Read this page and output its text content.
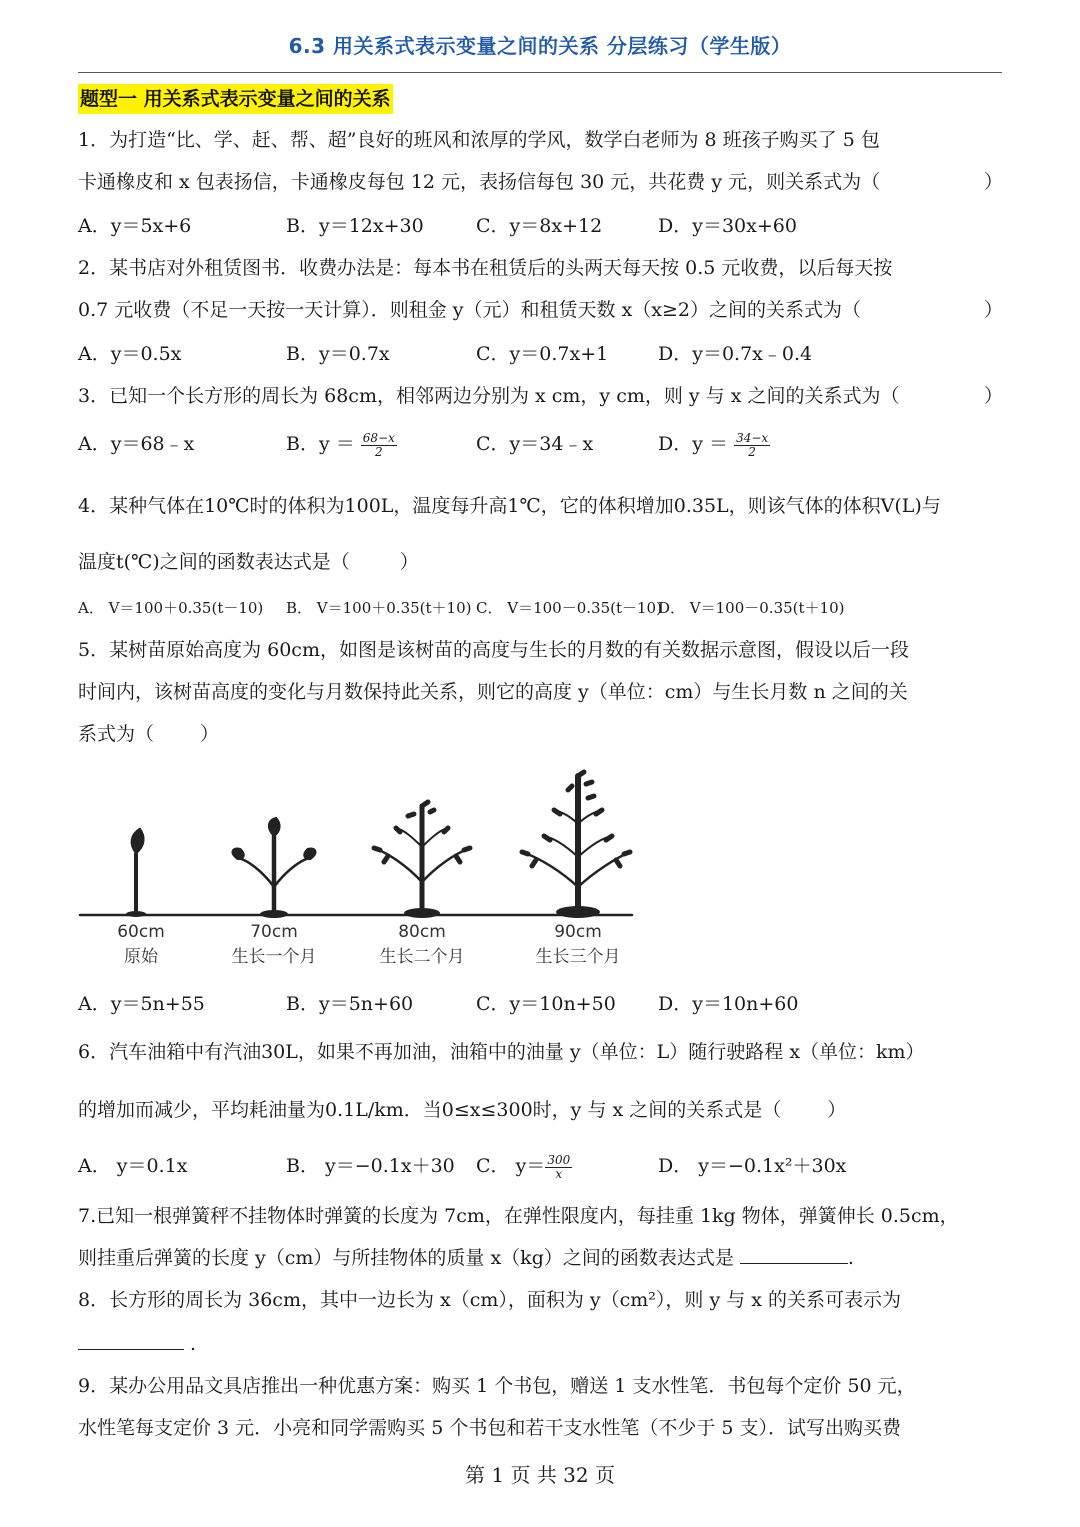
6.3 用关系式表示变量之间的关系 分层练习（学生版）
题型一 用关系式表示变量之间的关系
1．为打造“比、学、赶、帮、超”良好的班风和浓厚的学风，数学白老师为 8 班孩子购买了 5 包
卡通橡皮和 x 包表扬信，卡通橡皮每包 12 元，表扬信每包 30 元，共花费 y 元，则关系式为（	）
A．y＝5x+6	B．y＝12x+30	C．y＝8x+12	D．y＝30x+60
2．某书店对外租赁图书．收费办法是：每本书在租赁后的头两天每天按 0.5 元收费，以后每天按
0.7 元收费（不足一天按一天计算）．则租金 y（元）和租赁天数 x（x≥2）之间的关系式为（	）
A．y＝0.5x	B．y＝0.7x	C．y＝0.7x+1	D．y＝0.7x﹣0.4
3．已知一个长方形的周长为 68cm，相邻两边分别为 x cm，y cm，则 y 与 x 之间的关系式为（	）
A．y＝68﹣x	B．$y = \frac{68-x}{2}$	C．y＝34﹣x	D．$y = \frac{34-x}{2}$
4．某种气体在10℃时的体积为100L，温度每升高1℃，它的体积增加0.35L，则该气体的体积V(L)与
温度t(℃)之间的函数表达式是（	）
A． V＝100＋0.35(t－10) B． V＝100＋0.35(t＋10) C． V＝100－0.35(t－10)
D． V＝100－0.35(t＋10)
5．某树苗原始高度为 60cm，如图是该树苗的高度与生长的月数的有关数据示意图，假设以后一段
时间内，该树苗高度的变化与月数保持此关系，则它的高度 y（单位：cm）与生长月数 n 之间的关
系式为（ ）
60cm
原始
70cm
生长一个月
80cm
生长二个月
90cm
生长三个月
A．y＝5n+55	B．y＝5n+60	C．y＝10n+50 D．y＝10n+60
6．汽车油箱中有汽油30L，如果不再加油，油箱中的油量 y（单位：L）随行驶路程 x（单位：km）
的增加而减少，平均耗油量为0.1L/km．当0≤x≤300时，y 与 x 之间的关系式是（ ）
A． y＝0.1x	B． y＝−0.1x＋30 C． $y= \frac{300}{x}$	D． y＝−0.1x²＋30x
7.已知一根弹簧秤不挂物体时弹簧的长度为 7cm，在弹性限度内，每挂重 1kg 物体，弹簧伸长 0.5cm，
则挂重后弹簧的长度 y（cm）与所挂物体的质量 x（kg）之间的函数表达式是	.
8．长方形的周长为 36cm，其中一边长为 x（cm），面积为 y（cm²），则 y 与 x 的关系可表示为
.
9．某办公用品文具店推出一种优惠方案：购买 1 个书包，赠送 1 支水性笔．书包每个定价 50 元，
水性笔每支定价 3 元．小亮和同学需购买 5 个书包和若干支水性笔（不少于 5 支）．试写出购买费
第 1 页 共 32 页
